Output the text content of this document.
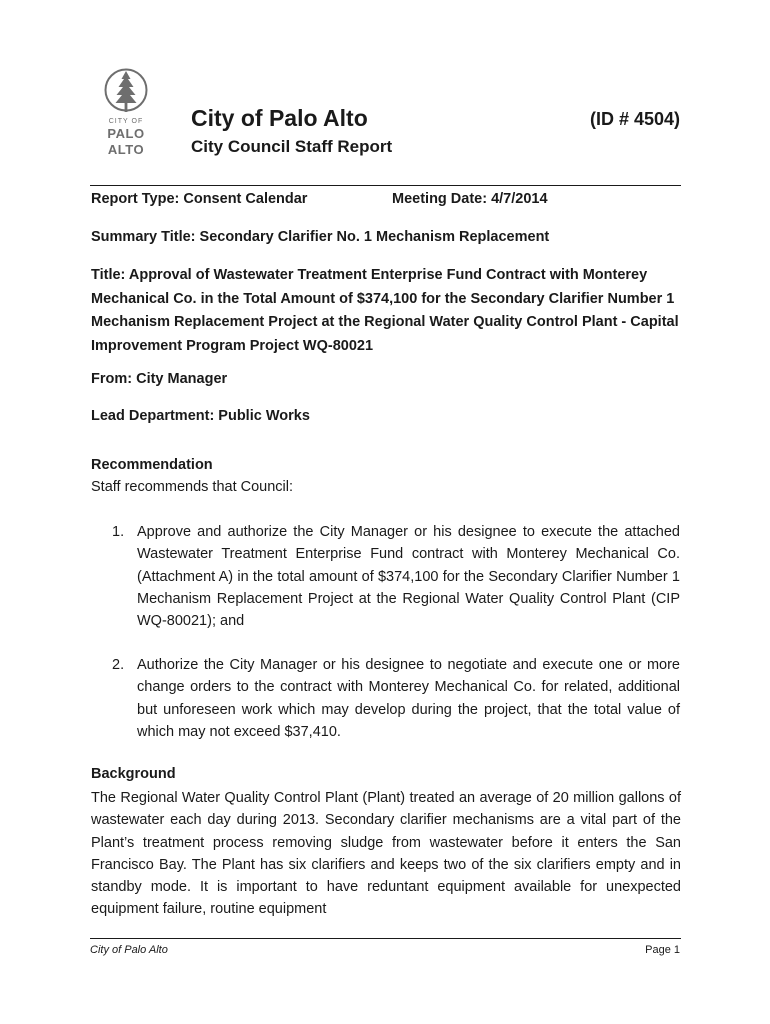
CITY OF
PALO
ALTO
City of Palo Alto	(ID # 4504)
City Council Staff Report
Report Type: Consent Calendar	Meeting Date: 4/7/2014
Summary Title: Secondary Clarifier No. 1 Mechanism Replacement
Title: Approval of Wastewater Treatment Enterprise Fund Contract with Monterey Mechanical Co. in the Total Amount of $374,100 for the Secondary Clarifier Number 1 Mechanism Replacement Project at the Regional Water Quality Control Plant - Capital Improvement Program Project WQ-80021
From: City Manager
Lead Department: Public Works
Recommendation
Staff recommends that Council:
1. Approve and authorize the City Manager or his designee to execute the attached Wastewater Treatment Enterprise Fund contract with Monterey Mechanical Co. (Attachment A) in the total amount of $374,100 for the Secondary Clarifier Number 1 Mechanism Replacement Project at the Regional Water Quality Control Plant (CIP WQ-80021); and
2. Authorize the City Manager or his designee to negotiate and execute one or more change orders to the contract with Monterey Mechanical Co. for related, additional but unforeseen work which may develop during the project, that the total value of which may not exceed $37,410.
Background
The Regional Water Quality Control Plant (Plant) treated an average of 20 million gallons of wastewater each day during 2013. Secondary clarifier mechanisms are a vital part of the Plant’s treatment process removing sludge from wastewater before it enters the San Francisco Bay. The Plant has six clarifiers and keeps two of the six clarifiers empty and in standby mode. It is important to have reduntant equipment available for unexpected equipment failure, routine equipment
City of Palo Alto	Page 1
